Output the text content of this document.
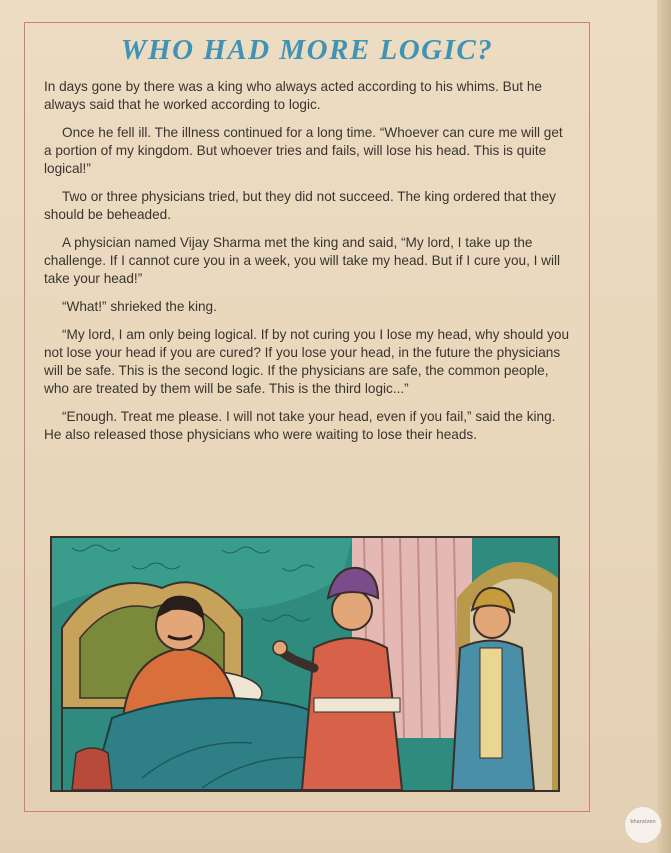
WHO HAD MORE LOGIC?

In days gone by there was a king who always acted according to his whims. But he always said that he worked according to logic.

Once he fell ill. The illness continued for a long time. “Whoever can cure me will get a portion of my kingdom. But whoever tries and fails, will lose his head. This is quite logical!”

Two or three physicians tried, but they did not succeed. The king ordered that they should be beheaded.

A physician named Vijay Sharma met the king and said, “My lord, I take up the challenge. If I cannot cure you in a week, you will take my head. But if I cure you, I will take your head!”

“What!” shrieked the king.

“My lord, I am only being logical. If by not curing you I lose my head, why should you not lose your head if you are cured? If you lose your head, in the future the physicians will be safe. This is the second logic. If the physicians are safe, the common people, who are treated by them will be safe. This is the third logic...”

“Enough. Treat me please. I will not take your head, even if you fail,” said the king. He also released those physicians who were waiting to lose their heads.

bharatzen
